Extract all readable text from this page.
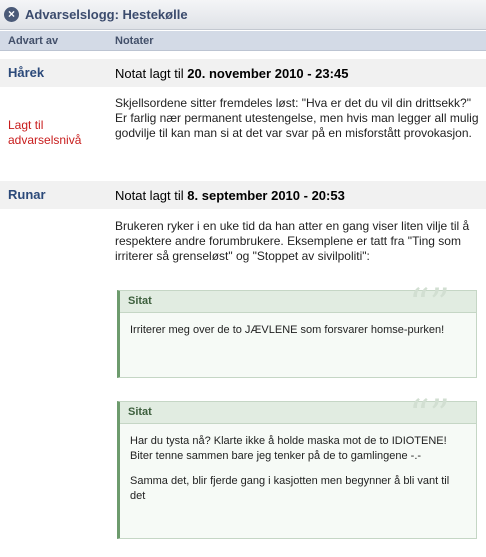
× Advarselslogg: Hestekølle
Advart av	Notater
Hårek	Notat lagt til 20. november 2010 - 23:45
Lagt til advarselsnivå
Skjellsordene sitter fremdeles løst: "Hva er det du vil din drittsekk?"
Er farlig nær permanent utestengelse, men hvis man legger all mulig godvilje til kan man si at det var svar på en misforstått provokasjon.
Runar	Notat lagt til 8. september 2010 - 20:53
Brukeren ryker i en uke tid da han atter en gang viser liten vilje til å respektere andre forumbrukere. Eksemplene er tatt fra "Ting som irriterer så grenseløst" og "Stoppet av sivilpoliti":
Sitat	“”

Irriterer meg over de to JÆVLENE som forsvarer homse-purken!

Sitat	“”

Har du tysta nå? Klarte ikke å holde maska mot de to IDIOTENE! Biter tenne sammen bare jeg tenker på de to gamlingene -.-

Samma det, blir fjerde gang i kasjotten men begynner å bli vant til det
